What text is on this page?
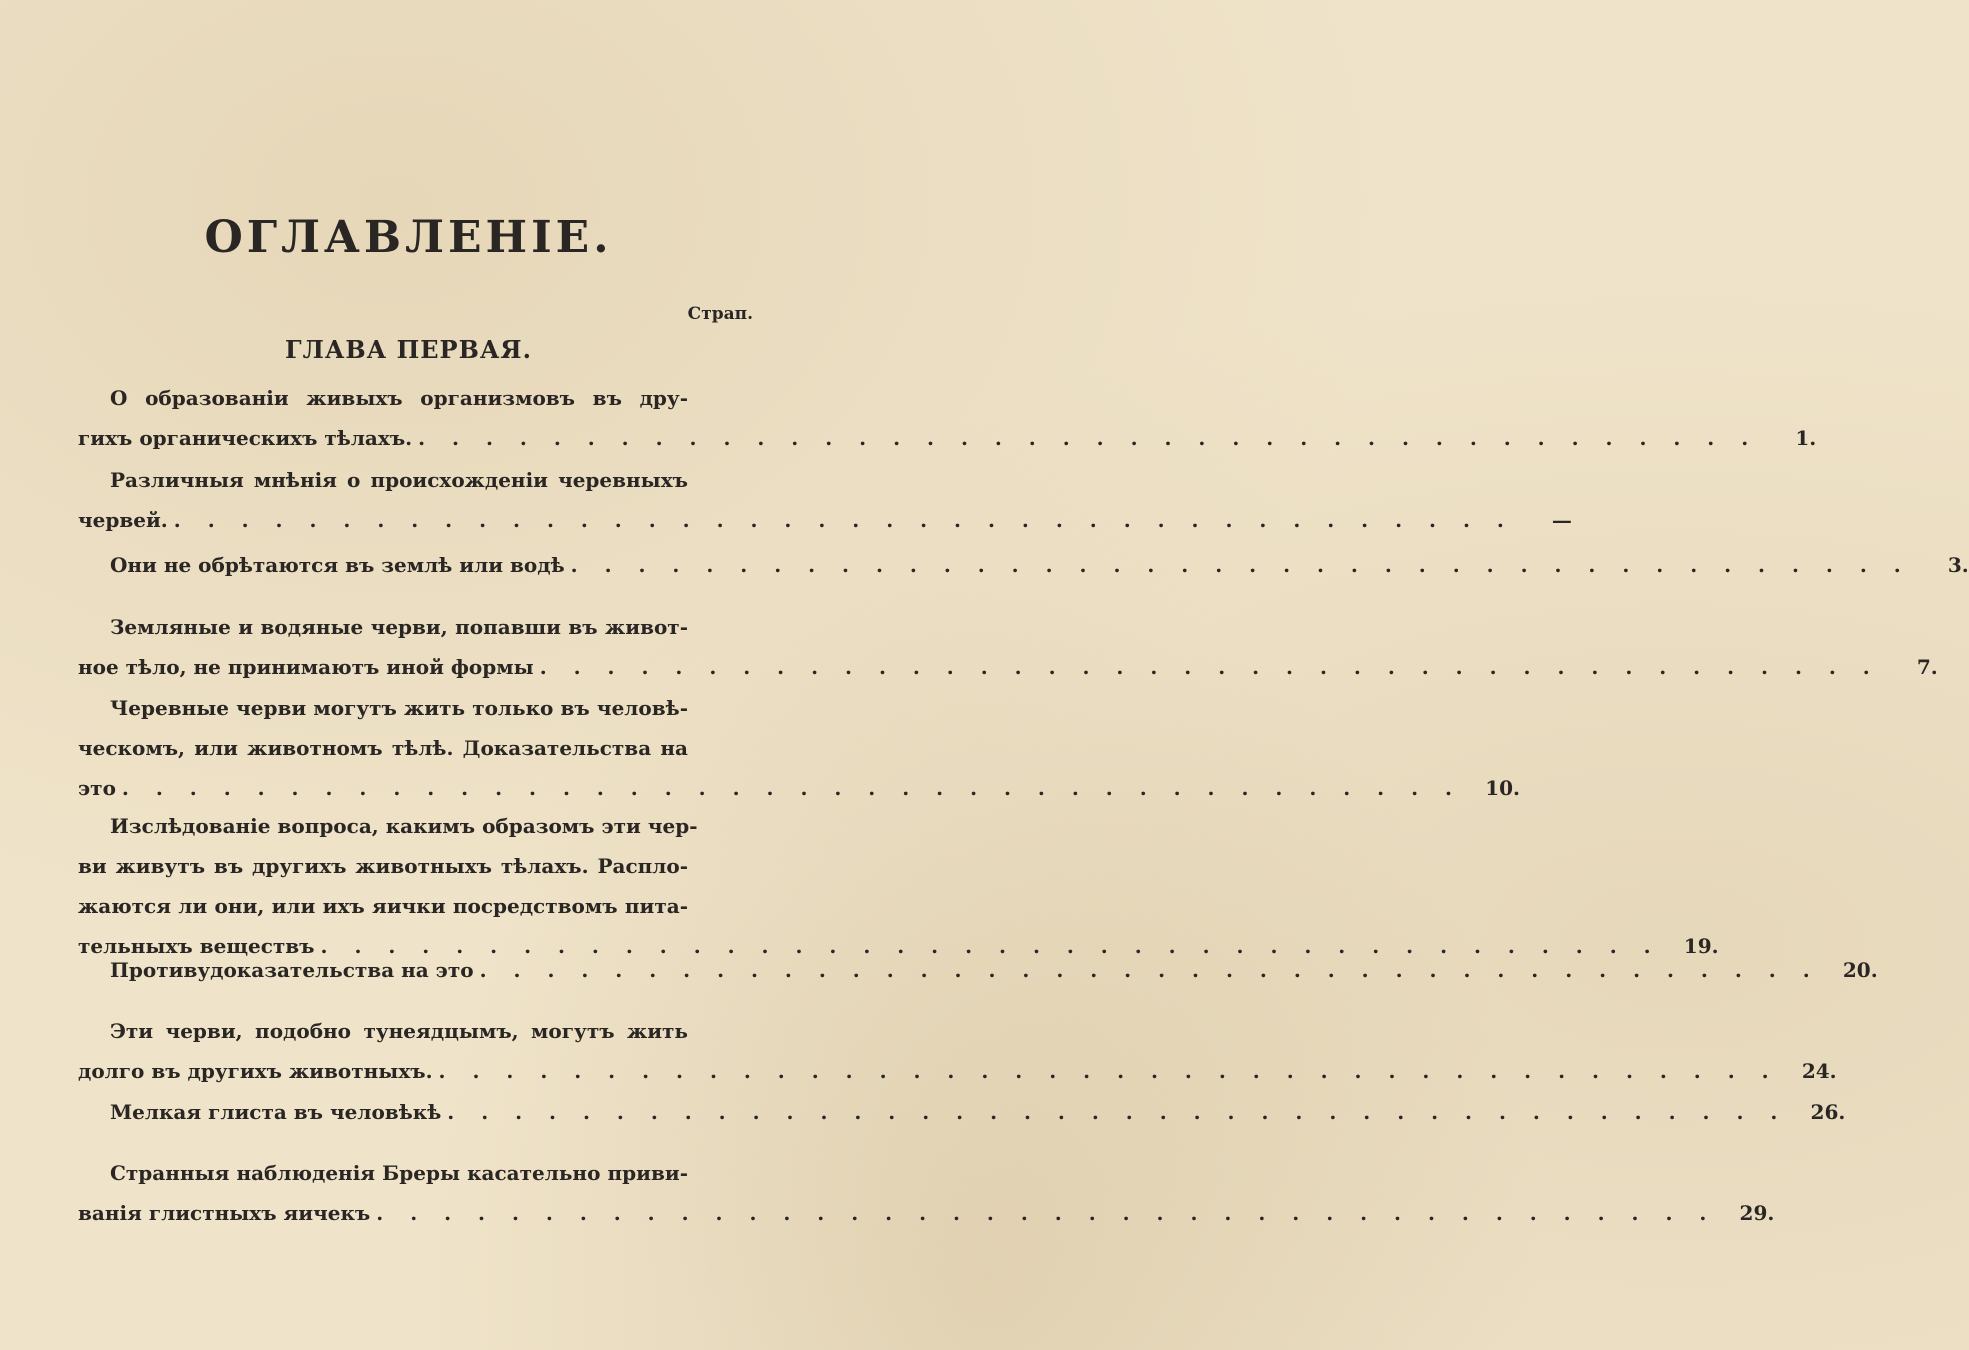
ОГЛАВЛЕНІЕ.
Страп.
ГЛАВА ПЕРВАЯ.
О образованіи живыхъ организмовъ въ дру-
гихъ органическихъ тѣлахъ. . . . . . . . . . . . . . . . . . . . . . . . . . . . . . . . . . . . . . . . .	1.
Различныя мнѣнія о происхожденіи черевныхъ
червей. . . . . . . . . . . . . . . . . . . . . . . . . . . . . . . . . . . . . . . . .	—
Они не обрѣтаются въ землѣ или водѣ . . . . . . . . . . . . . . . . . . . . . . . . . . . . . . . . . . . . . . . .	3.
Земляные и водяные черви, попавши въ живот-
ное тѣло, не принимаютъ иной формы . . . . . . . . . . . . . . . . . . . . . . . . . . . . . . . . . . . . . . . .	7.
Черевные черви могутъ жить только въ человѣ-
ческомъ, или животномъ тѣлѣ. Доказательства на
это . . . . . . . . . . . . . . . . . . . . . . . . . . . . . . . . . . . . . . . .	10.
Изслѣдованіе вопроса, какимъ образомъ эти чер-
ви живутъ въ другихъ животныхъ тѣлахъ. Распло-
жаются ли они, или ихъ яички посредствомъ пита-
тельныхъ веществъ . . . . . . . . . . . . . . . . . . . . . . . . . . . . . . . . . . . . . . . .	19.
Противудоказательства на это . . . . . . . . . . . . . . . . . . . . . . . . . . . . . . . . . . . . . . . .	20.
Эти черви, подобно тунеядцымъ, могутъ жить
долго въ другихъ животныхъ. . . . . . . . . . . . . . . . . . . . . . . . . . . . . . . . . . . . . . . . .	24.
Мелкая глиста въ человѣкѣ . . . . . . . . . . . . . . . . . . . . . . . . . . . . . . . . . . . . . . . .	26.
Странныя наблюденія Бреры касательно приви-
ванія глистныхъ яичекъ . . . . . . . . . . . . . . . . . . . . . . . . . . . . . . . . . . . . . . . .	29.
